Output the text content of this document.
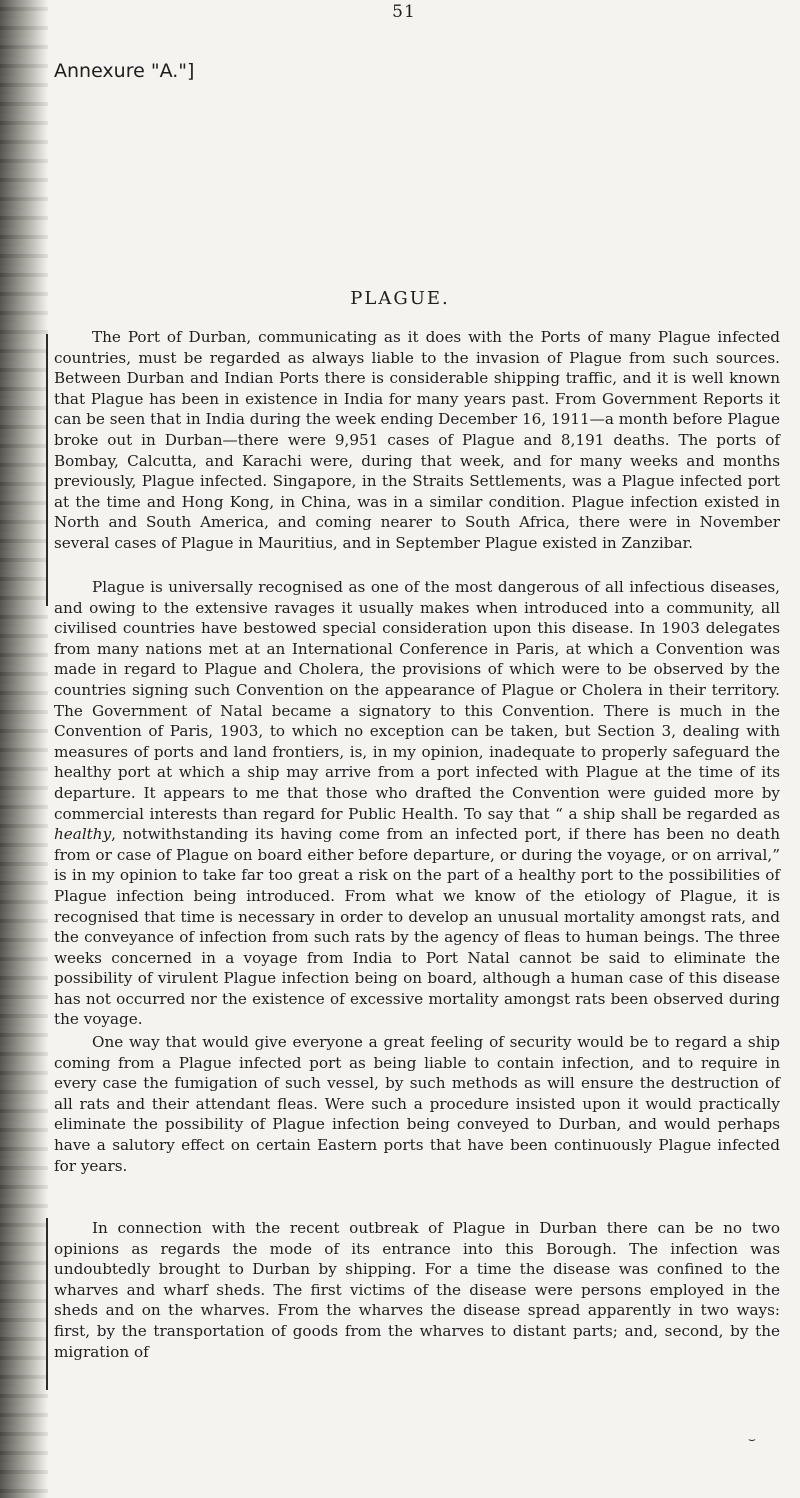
51
Annexure "A."]
PLAGUE.

The Port of Durban, communicating as it does with the Ports of many Plague infected countries, must be regarded as always liable to the invasion of Plague from such sources. Between Durban and Indian Ports there is considerable shipping traffic, and it is well known that Plague has been in existence in India for many years past. From Government Reports it can be seen that in India during the week ending December 16, 1911—a month before Plague broke out in Durban—there were 9,951 cases of Plague and 8,191 deaths. The ports of Bombay, Calcutta, and Karachi were, during that week, and for many weeks and months previously, Plague infected. Singapore, in the Straits Settlements, was a Plague infected port at the time and Hong Kong, in China, was in a similar condition. Plague infection existed in North and South America, and coming nearer to South Africa, there were in November several cases of Plague in Mauritius, and in September Plague existed in Zanzibar.

Plague is universally recognised as one of the most dangerous of all infectious diseases, and owing to the extensive ravages it usually makes when introduced into a community, all civilised countries have bestowed special consideration upon this disease. In 1903 delegates from many nations met at an International Conference in Paris, at which a Convention was made in regard to Plague and Cholera, the provisions of which were to be observed by the countries signing such Convention on the appearance of Plague or Cholera in their territory. The Government of Natal became a signatory to this Convention. There is much in the Convention of Paris, 1903, to which no exception can be taken, but Section 3, dealing with measures of ports and land frontiers, is, in my opinion, inadequate to properly safeguard the healthy port at which a ship may arrive from a port infected with Plague at the time of its departure. It appears to me that those who drafted the Convention were guided more by commercial interests than regard for Public Health. To say that “ a ship shall be regarded as healthy, notwithstanding its having come from an infected port, if there has been no death from or case of Plague on board either before departure, or during the voyage, or on arrival,” is in my opinion to take far too great a risk on the part of a healthy port to the possibilities of Plague infection being introduced. From what we know of the etiology of Plague, it is recognised that time is necessary in order to develop an unusual mortality amongst rats, and the conveyance of infection from such rats by the agency of fleas to human beings. The three weeks concerned in a voyage from India to Port Natal cannot be said to eliminate the possibility of virulent Plague infection being on board, although a human case of this disease has not occurred nor the existence of excessive mortality amongst rats been observed during the voyage.

One way that would give everyone a great feeling of security would be to regard a ship coming from a Plague infected port as being liable to contain infection, and to require in every case the fumigation of such vessel, by such methods as will ensure the destruction of all rats and their attendant fleas. Were such a procedure insisted upon it would practically eliminate the possibility of Plague infection being conveyed to Durban, and would perhaps have a salutory effect on certain Eastern ports that have been continuously Plague infected for years.

In connection with the recent outbreak of Plague in Durban there can be no two opinions as regards the mode of its entrance into this Borough. The infection was undoubtedly brought to Durban by shipping. For a time the disease was confined to the wharves and wharf sheds. The first victims of the disease were persons employed in the sheds and on the wharves. From the wharves the disease spread apparently in two ways: first, by the transportation of goods from the wharves to distant parts; and, second, by the migration of

⌣
